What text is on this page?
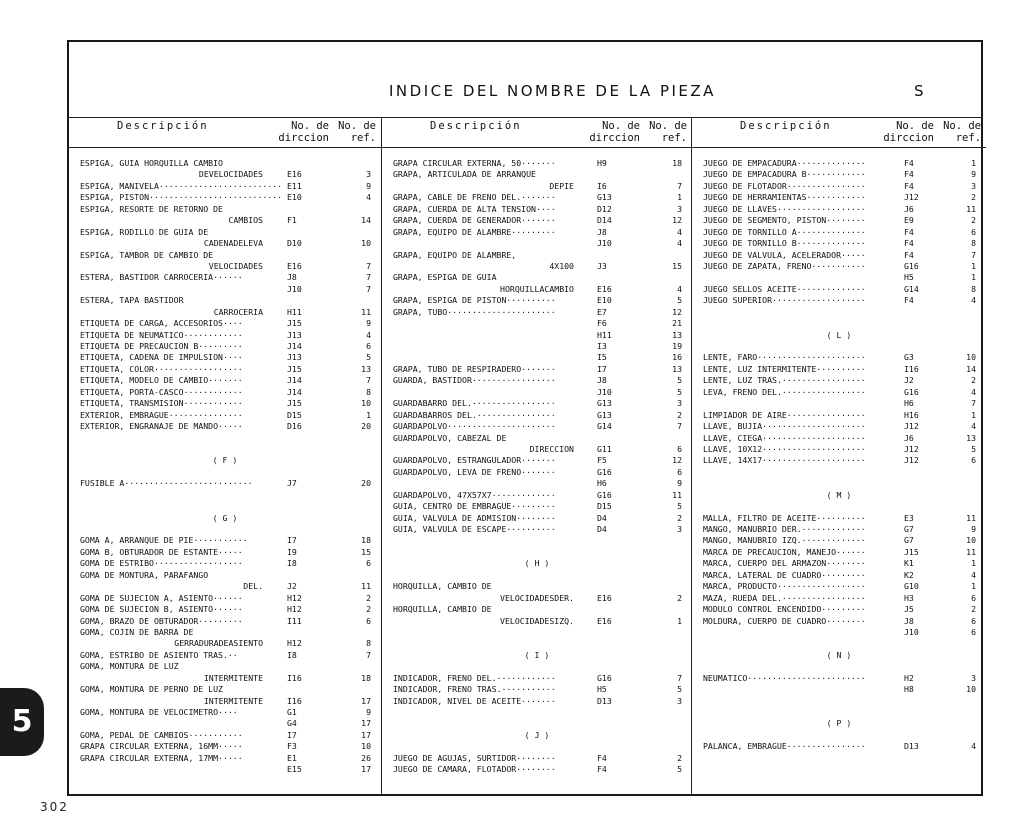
INDICE DEL NOMBRE DE LA PIEZA	S
Descripción	No. de No. de
dirccion ref.
ESPIGA, GUIA HORQUILLA CAMBIO
DEVELOCIDADES	E16	3
ESPIGA, MANIVELA························· E11	9
ESPIGA, PISTON··························· E10	4
ESPIGA, RESORTE DE RETORNO DE
CAMBIOS	F1	14
ESPIGA, RODILLO DE GUIA DE
CADENADELEVA	D10	10
ESPIGA, TAMBOR DE CAMBIO DE
VELOCIDADES	E16	7
ESTERA, BASTIDOR CARROCERIA······	J8	7
J10	7
ESTERA, TAPA BASTIDOR
CARROCERIA	H11	11
ETIQUETA DE CARGA, ACCESORIOS····	J15	9
ETIQUETA DE NEUMATICO············	J13	4
ETIQUETA DE PRECAUCION B·········	J14	6
ETIQUETA, CADENA DE IMPULSION····	J13	5
ETIQUETA, COLOR··················	J15	13
ETIQUETA, MODELO DE CAMBIO·······	J14	7
ETIQUETA, PORTA-CASCO············	J14	8
ETIQUETA, TRANSMISION············	J15	10
EXTERIOR, EMBRAGUE···············	D15	1
EXTERIOR, ENGRANAJE DE MANDO·····	D16	20
( F )
FUSIBLE A··························	J7	20
( G )
GOMA A, ARRANQUE DE PIE···········	I7	18
GOMA B, OBTURADOR DE ESTANTE·····	I9	15
GOMA DE ESTRIBO··················	I8	6
GOMA DE MONTURA, PARAFANGO
DEL.	J2	11
GOMA DE SUJECION A, ASIENTO······	H12	2
GOMA DE SUJECION B, ASIENTO······	H12	2
GOMA, BRAZO DE OBTURADOR·········	I11	6
GOMA, COJIN DE BARRA DE
GERRADURADEASIENTO	H12	8
GOMA, ESTRIBO DE ASIENTO TRAS.··	I8	7
GOMA, MONTURA DE LUZ
INTERMITENTE	I16	18
GOMA, MONTURA DE PERNO DE LUZ
INTERMITENTE	I16	17
GOMA, MONTURA DE VELOCIMETRO····	G1	9
G4	17
GOMA, PEDAL DE CAMBIOS···········	I7	17
GRAPA CIRCULAR EXTERNA, 16MM·····	F3	10
GRAPA CIRCULAR EXTERNA, 17MM·····	E1	26
E15	17
Descripción	No. de No. de
dirccion ref.
GRAPA CIRCULAR EXTERNA, 50·······	H9	18
GRAPA, ARTICULADA DE ARRANQUE
DEPIE	I6	7
GRAPA, CABLE DE FRENO DEL.·······	G13	1
GRAPA, CUERDA DE ALTA TENSION····	D12	3
GRAPA, CUERDA DE GENERADOR·······	D14	12
GRAPA, EQUIPO DE ALAMBRE·········	J8	4
J10	4
GRAPA, EQUIPO DE ALAMBRE,
4X100	J3	15
GRAPA, ESPIGA DE GUIA
HORQUILLACAMBIO	E16	4
GRAPA, ESPIGA DE PISTON··········	E10	5
GRAPA, TUBO······················	E7	12
F6	21
H11	13
I3	19
I5	16
GRAPA, TUBO DE RESPIRADERO·······	I7	13
GUARDA, BASTIDOR·················	J8	5
J10	5
GUARDABARRO DEL.·················	G13	3
GUARDABARROS DEL.················	G13	2
GUARDAPOLVO······················	G14	7
GUARDAPOLVO, CABEZAL DE
DIRECCION	G11	6
GUARDAPOLVO, ESTRANGULADOR·······	F5	12
GUARDAPOLVO, LEVA DE FRENO·······	G16	6
H6	9
GUARDAPOLVO, 47X57X7·············	G16	11
GUIA, CENTRO DE EMBRAGUE·········	D15	5
GUIA, VALVULA DE ADMISION········	D4	2
GUIA, VALVULA DE ESCAPE··········	D4	3
( H )
HORQUILLA, CAMBIO DE
VELOCIDADESDER.	E16	2
HORQUILLA, CAMBIO DE
VELOCIDADESIZQ.	E16	1
( I )
INDICADOR, FRENO DEL.············	G16	7
INDICADOR, FRENO TRAS.···········	H5	5
INDICADOR, NIVEL DE ACEITE·······	D13	3
( J )
JUEGO DE AGUJAS, SURTIDOR········	F4	2
JUEGO DE CAMARA, FLOTADOR········	F4	5
Descripción	No. de No. de
dirccion ref.
JUEGO DE EMPACADURA··············	F4	1
JUEGO DE EMPACADURA B············	F4	9
JUEGO DE FLOTADOR················	F4	3
JUEGO DE HERRAMIENTAS············	J12	2
JUEGO DE LLAVES··················	J6	11
JUEGO DE SEGMENTO, PISTON········	E9	2
JUEGO DE TORNILLO A··············	F4	6
JUEGO DE TORNILLO B··············	F4	8
JUEGO DE VALVULA, ACELERADOR·····	F4	7
JUEGO DE ZAPATA, FRENO···········	G16	1
H5	1
JUEGO SELLOS ACEITE··············	G14	8
JUEGO SUPERIOR···················	F4	4
( L )
LENTE, FARO······················	G3	10
LENTE, LUZ INTERMITENTE··········	I16	14
LENTE, LUZ TRAS.·················	J2	2
LEVA, FRENO DEL.·················	G16	4
H6	7
LIMPIADOR DE AIRE················	H16	1
LLAVE, BUJIA·····················	J12	4
LLAVE, CIEGA·····················	J6	13
LLAVE, 10X12·····················	J12	5
LLAVE, 14X17·····················	J12	6
( M )
MALLA, FILTRO DE ACEITE··········	E3	11
MANGO, MANUBRIO DER.·············	G7	9
MANGO, MANUBRIO IZQ.·············	G7	10
MARCA DE PRECAUCION, MANEJO······	J15	11
MARCA, CUERPO DEL ARMAZON········	K1	1
MARCA, LATERAL DE CUADRO·········	K2	4
MARCA, PRODUCTO··················	G10	1
MAZA, RUEDA DEL.·················	H3	6
MODULO CONTROL ENCENDIDO·········	J5	2
MOLDURA, CUERPO DE CUADRO········	J8	6
J10	6
( N )
NEUMATICO························	H2	3
H8	10
( P )
PALANCA, EMBRAGUE················	D13	4
5
302
